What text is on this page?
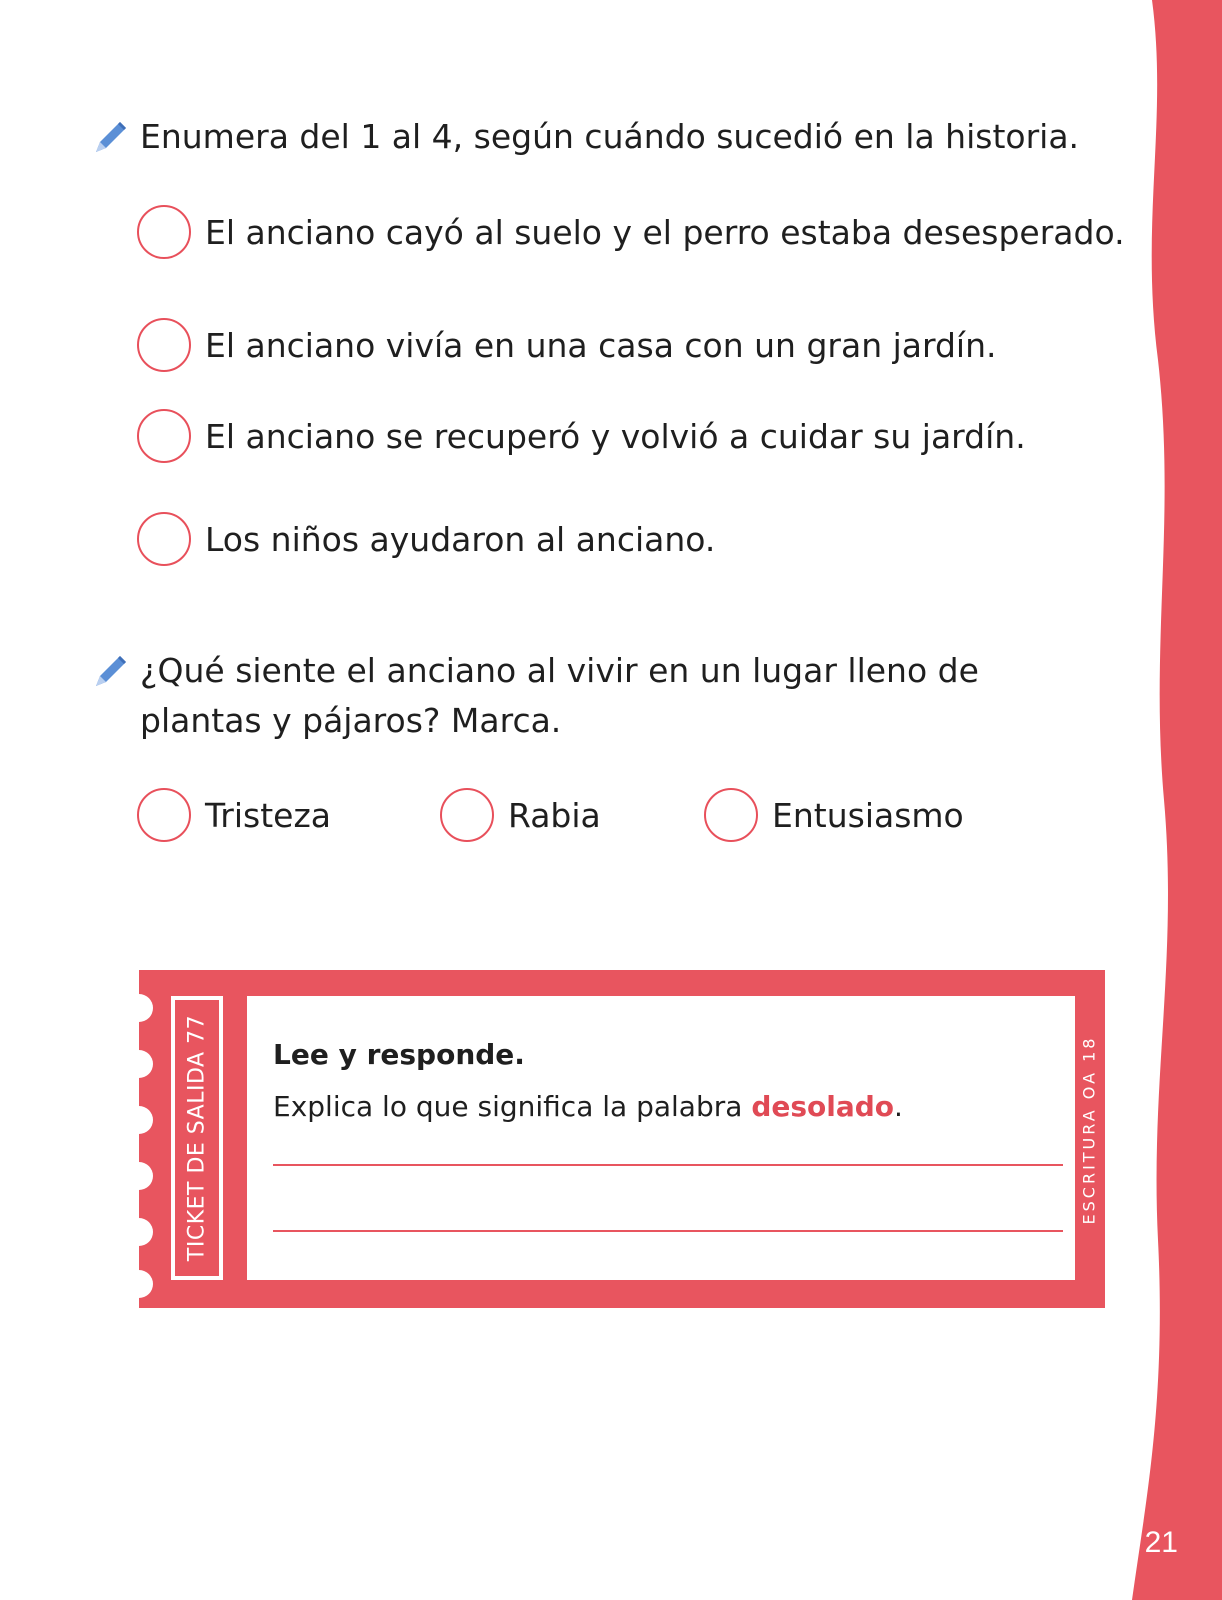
21
Enumera del 1 al 4, según cuándo sucedió en la historia.
El anciano cayó al suelo y el perro estaba desesperado.
El anciano vivía en una casa con un gran jardín.
El anciano se recuperó y volvió a cuidar su jardín.
Los niños ayudaron al anciano.
¿Qué siente el anciano al vivir en un lugar lleno de
plantas y pájaros? Marca.
Tristeza	Rabia	Entusiasmo
TICKET DE SALIDA 77 Lee y responde.
Explica lo que significa la palabra desolado.	ESCRITURA OA 18
